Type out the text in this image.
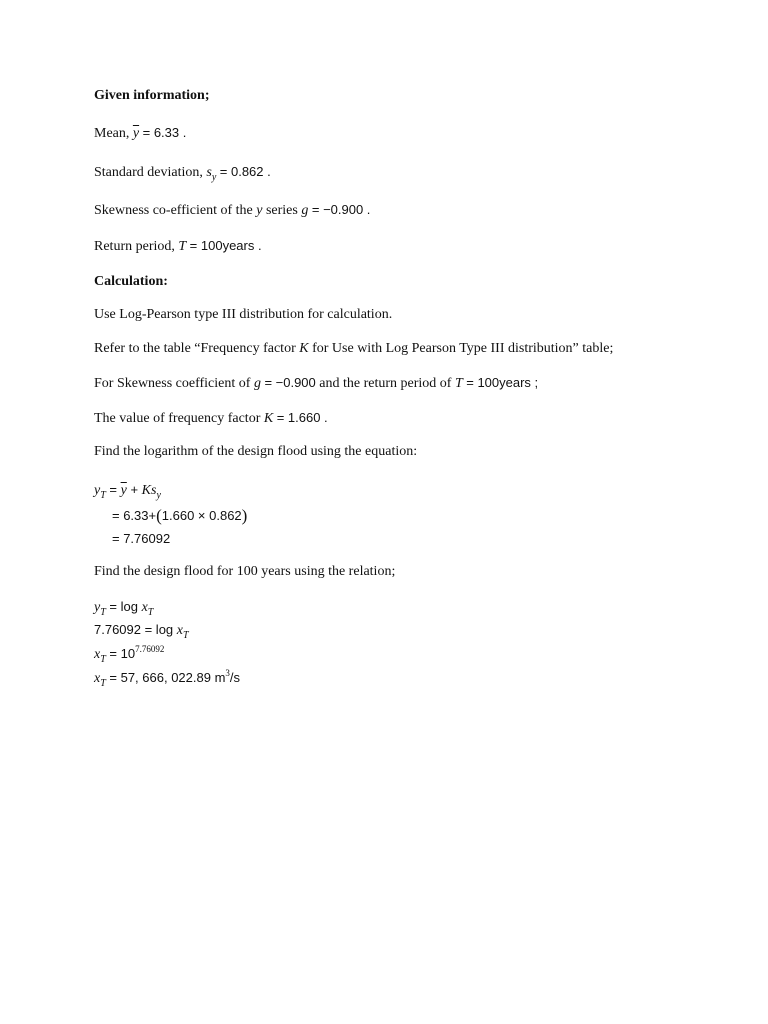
Given information;
Mean, $\overline{y} = 6.33$ .
Standard deviation, $s_y = 0.862$ .
Skewness co-efficient of the y series g = −0.900 .
Return period, T = 100years .
Calculation:
Use Log-Pearson type III distribution for calculation.
Refer to the table “Frequency factor K for Use with Log Pearson Type III distribution” table;
For Skewness coefficient of g = −0.900 and the return period of T = 100years ;
The value of frequency factor K = 1.660 .
Find the logarithm of the design flood using the equation:
$y_T = \overline{y} + Ks_y$
= 6.33+(1.660 × 0.862)
= 7.76092
Find the design flood for 100 years using the relation;
$y_T = \log x_T$
$7.76092 = \log x_T$
$x_T = 10^{7.76092}$
$x_T = 57$, 666, 022.89 $m^3/s$
